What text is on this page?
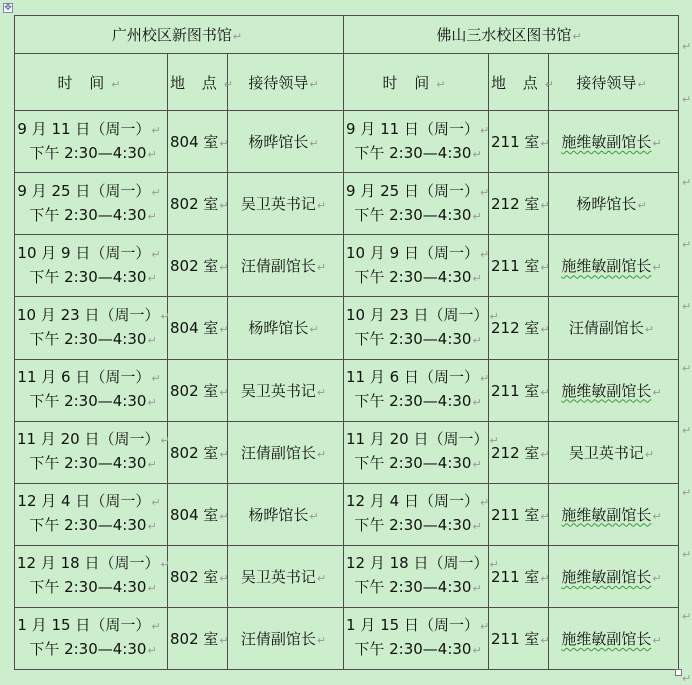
✥
广州校区新图书馆↵			佛山三水校区图书馆↵		
时 间↵	地 点↵	接待领导↵	时 间↵	地 点↵	接待领导↵

9 月 11 日（周一）↵
下午 2:30—4:30↵	804 室↵	杨晔馆长↵	9 月 11 日（周一）↵
下午 2:30—4:30↵	211 室↵	施维敏副馆长↵

9 月 25 日（周一）↵
下午 2:30—4:30↵	802 室↵	吴卫英书记↵	9 月 25 日（周一）↵
下午 2:30—4:30↵	212 室↵	杨晔馆长↵

10 月 9 日（周一）↵
下午 2:30—4:30↵	802 室↵	汪倩副馆长↵	10 月 9 日（周一）↵
下午 2:30—4:30↵	211 室↵	施维敏副馆长↵

10 月 23 日（周一）↵
下午 2:30—4:30↵	804 室↵	杨晔馆长↵	10 月 23 日（周一）↵
下午 2:30—4:30↵	212 室↵	汪倩副馆长↵

11 月 6 日（周一）↵
下午 2:30—4:30↵	802 室↵	吴卫英书记↵	11 月 6 日（周一）↵
下午 2:30—4:30↵	211 室↵	施维敏副馆长↵

11 月 20 日（周一）↵
下午 2:30—4:30↵	802 室↵	汪倩副馆长↵	11 月 20 日（周一）↵
下午 2:30—4:30↵	212 室↵	吴卫英书记↵

12 月 4 日（周一）↵
下午 2:30—4:30↵	804 室↵	杨晔馆长↵	12 月 4 日（周一）↵
下午 2:30—4:30↵	211 室↵	施维敏副馆长↵

12 月 18 日（周一）↵
下午 2:30—4:30↵	802 室↵	吴卫英书记↵	12 月 18 日（周一）↵
下午 2:30—4:30↵	211 室↵	施维敏副馆长↵

1 月 15 日（周一）↵
下午 2:30—4:30↵	802 室↵	汪倩副馆长↵	1 月 15 日（周一）↵
下午 2:30—4:30↵	211 室↵	施维敏副馆长↵
↵
↵
↵
↵
↵
↵
↵
↵
↵
↵
↵
